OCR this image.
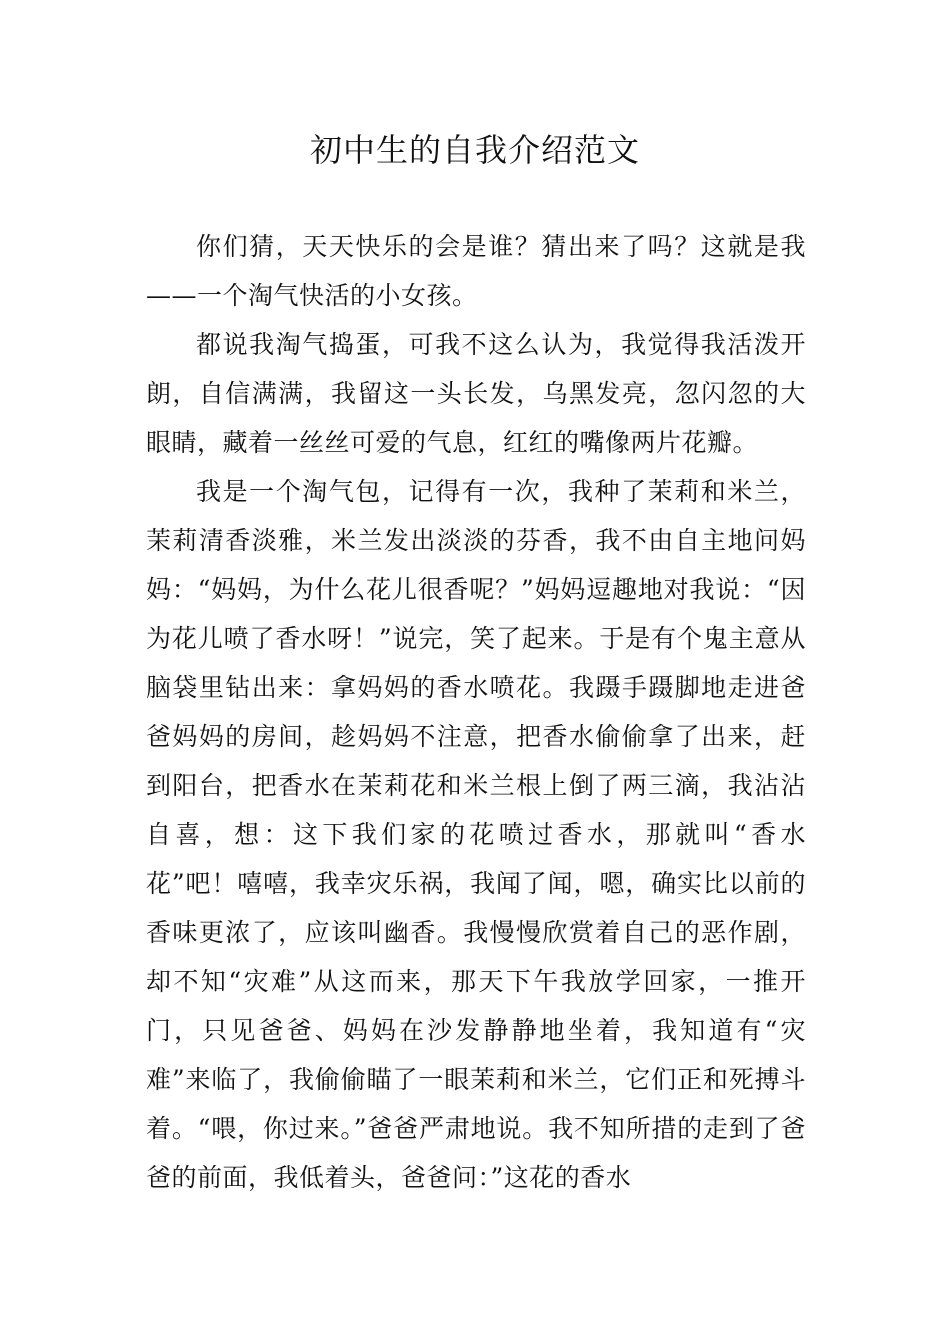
初中生的自我介绍范文

你们猜，天天快乐的会是谁？猜出来了吗？这就是我——一个淘气快活的小女孩。

都说我淘气捣蛋，可我不这么认为，我觉得我活泼开朗，自信满满，我留这一头长发，乌黑发亮，忽闪忽的大眼睛，藏着一丝丝可爱的气息，红红的嘴像两片花瓣。

我是一个淘气包，记得有一次，我种了茉莉和米兰，茉莉清香淡雅，米兰发出淡淡的芬香，我不由自主地问妈妈：“妈妈，为什么花儿很香呢？”妈妈逗趣地对我说：“因为花儿喷了香水呀！”说完，笑了起来。于是有个鬼主意从脑袋里钻出来：拿妈妈的香水喷花。我蹑手蹑脚地走进爸爸妈妈的房间，趁妈妈不注意，把香水偷偷拿了出来，赶到阳台，把香水在茉莉花和米兰根上倒了两三滴，我沾沾自喜，想：这下我们家的花喷过香水，那就叫“香水花”吧！嘻嘻，我幸灾乐祸，我闻了闻，嗯，确实比以前的香味更浓了，应该叫幽香。我慢慢欣赏着自己的恶作剧，却不知“灾难”从这而来，那天下午我放学回家，一推开门，只见爸爸、妈妈在沙发静静地坐着，我知道有“灾难”来临了，我偷偷瞄了一眼茉莉和米兰，它们正和死搏斗着。“喂，你过来。”爸爸严肃地说。我不知所措的走到了爸爸的前面，我低着头，爸爸问：”这花的香水
